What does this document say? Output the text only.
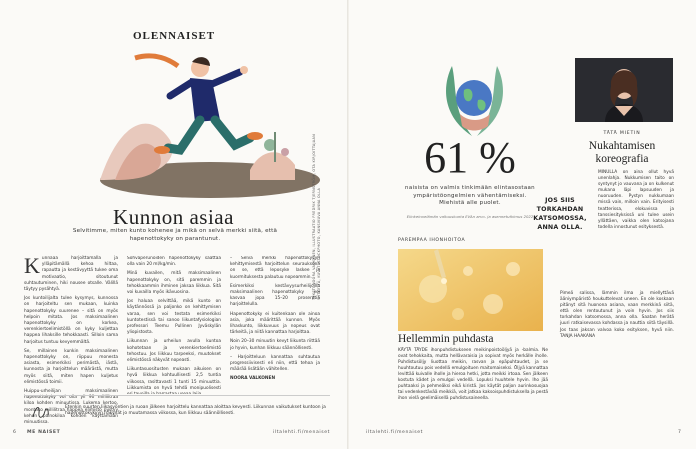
OLENNAISET
Kunnon asiaa
Selvitimme, miten kunto kohenee ja mikä on selvä merkki siitä, että hapenottokyky on parantunut.
K unnaaa harjoittamalla ja ylläpitämällä kehoa hiltaa, rapautta ja kestävyyttä tukee oma motivaatio, sitoutunut suhtautuminen, hiki nousee otsalle. Välillä täytyy pysähtyä.

Jos kuntoilijalta tulee kysymys, kunnossa on harjoiteltu sen mukaan, kuinka hapenottokyky suurenee – sitä on myös helpoin mitata. Jos maksimaalinen hapenottokyky on korkea, verenkiertoelimistöllä on kyky kuljettaa happea lihaksille tehokkaasti. Silloin sama harjoitus tuntuu kevyemmältä.

Se, millainen kunkin maksimaalinen hapenottokyky on, riippuu monesta asiasta, esimerkiksi perimästä, iästä, kunnosta ja harjoittelun määrästä, mutta myös siitä, miten hapen kuljetus elimistössä toimii.

Huippu-urheilijan maksimaalinen hapenottokyky voi olla yli 90 millilitraa kiloa kohden minuutissa. Lukema kertoo, montako millilitraa happea elimistö pystyy kehon painokiloa kohden käyttämään minuutissa.

Sohvaperunoiden hapenottokyky saattaa olla vain 20 ml/kg/min.

Minä kuvailen, mitä maksimaalinen hapenottokyky on, sitä paremmin ja tehokkaammin ihminen jaksaa liikkua. Sitä voi kuvailla myös ikävuosina.

Jos haluaa selvittää, mikä kunto on käytännössä ja paljonko on kehittymisen varaa, sen voi testata esimerkiksi kuntotestissä tai sanoo liikuntafysiologian professori Teemu Pullinen Jyväskylän yliopistosta.

Liikunnan ja urheilun avulla kuntoa kohotetaan ja verenkiertoelimistö tehostuu. Jos liikkuu tarpeeksi, muutokset elimistössä näkyvät nopeasti.

Liikuntasuositusten mukaan aikuisen on hyvä liikkua kohtuullisesti 2,5 tuntia viikossa, rasittavasti 1 tunti 15 minuuttia. Liikkumista on hyvä tehdä monipuolisesti

– Selvä merkki hapenottokyvyn kehittymisestä harjoittelun seurauksena on se, että leposyke laskee ja kuormituksesta palautuu nopeammin.

Esimerkiksi kestävyysurheilijoilla maksimaalinen hapenottokyky voi kasvaa jopa 15–20 prosenttia harjoittelulla.

Hapenottokyky ei kuitenkaan ole ainoa asia, joka määrittää kunnon. Myös lihaskunto, liikkuvuus ja nopeus ovat tärkeitä, ja niitä kannattaa harjoittaa.

Noin 20–30 minuutin kevyt liikunta riittää jo hyvin, kunhan liikkuu säännöllisesti.

– Harjoitteluun kannattaa suhtautua progressiivisesti eli niin, että tehoa ja määrää lisätään vähitellen.

NOORA VALKONEN

Etenkin suurten liikasyöntien ja ruoan jälkeen harjoittelu kannattaa aloittaa kevyesti. Liikunnan vaikutukset kuntoon ja hapenottokykyyn näkyvät jo muutamassa viikossa, kun liikkuu säännöllisesti.
TEKSTI NOORA VALKONEN, ILLUSTRAATIO FREDRIK TJERNSTRÖM, OTA KIRJOITTAJAAN YHTEYTTÄ, KUVAT ISTOCKPHOTO, KANSIKUVA ANNA OLLA
6 ME NAISET	iltalehti.fi/menaiset
61 %
naisista on valmis tinkimään elintasostaan ympäristöongelmien vähentämiseksi. Miehistä alle puolet.
Elinkeinoelämän valtuuskunta EVAn arvo- ja asennetutkimus 2022
PAREMPAA IHONHOITOA
Hellemmin puhdasta
KÄYTÄ TÄYDE ihonpuhdistukseen meikinpoistoöljyä ja -balmia. Ne ovat tehokkaita, mutta hellävaraisia ja sopivat myös herkälle iholle. Puhdistusöljy liuottaa meikin, rasvan ja epäpuhtaudet, ja se huuhtoutuu pois vedellä emulgoituen maitomaiseksi. Öljyä kannattaa levittää kuivalle iholle ja hieroa hetki, jotta meikki irtoaa. Sen jälkeen kostuta kädet ja emulgoi vedellä. Lopuksi huuhtele hyvin. Iho jää puhtaaksi ja pehmeäksi eikä kiristä. Jos käytät paljon aurinkosuojaa tai vedenkestävää meikkiä, voit jatkaa kaksoispuhdistuksella ja pestä ihon vielä geelimäisellä puhdistusaineella.
TÄTÄ MIETIN
Nukahtamisen koreografia
JOS SIIS TORKAHDAN KATSOMOSSA, ANNA OLLA.
MINULLA on aina ollut hyvä unenlahja. Nukkumisen taito on syntynyt jo vauvana ja on kulkenut mukana läpi lapsuuden ja nuoruuden. Pystyn nukkumaan missä vain, milloin vain. Erityisesti teatterissa, elokuvissa ja tanssiesityksissä uni tulee usein yllättäen, vaikka olen katsojana todella innostunut esityksestä.
Pimeä salissa, lämmin ilma ja miellyttävä ääniympäristö houkuttelevat uneen. En ole koskaan pitänyt sitä huonona asiana, vaan merkkinä siitä, että olen rentoutunut ja voin hyvin. Jos siis torkahdan katsomossa, anna olla. Saatan herätä juuri ratkaisevassa kohdassa ja nauttia siitä täysillä. Jos taas jaksan valvoa koko esityksen, hyvä niin. TANJA HAAKANA
iltalehti.fi/menaiset	7
